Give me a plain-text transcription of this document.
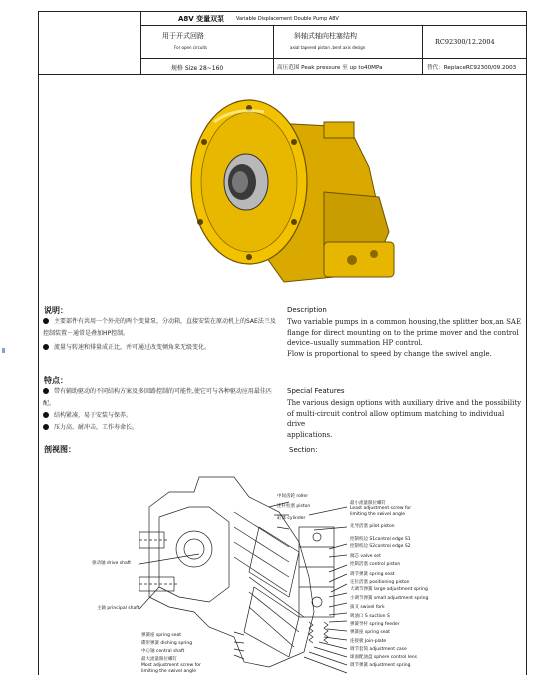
A8V 变量双泵 Variable Displacement Double Pump A8V
用于开式回路
For open circuits
斜轴式轴向柱塞结构
axial tapered piston ,bent axis design
RC92300/12.2004
规格 Size 28~160	高压范围 Peak pressure 至 up to40MPa	替代：ReplaceRC92300/09.2003
说明：
主要部件有共用一个外壳的两个变量泵，分动箱，直接安装在原动机上的SAE法兰及控制装置－通常是叠加HP控制。
流量与转速和排量成正比，并可通过改变倾角来无级变化。
Description
Two variable pumps in a common housing,the splitter box,an SAE
flange for direct mounting on to the prime mover and the control
device–usually summation HP control.
Flow is proportional to speed by change the swivel angle.
特点：
带有辅助驱动的不同结构方案及多回路控制的可能性,使它可与各种驱动应用最佳匹配。
结构紧凑，易于安装与保养。
压力高、耐冲击，工作寿命长。
Special Features
The various design options with auxiliary drive and the possibility
of multi-circuit control allow optimum matching to individual drive
applications.
剖视图：	Section：
最小流量限位螺钉
Least adjustment screw for
limiting the swivel angle
先导活塞 pilot piston
控制校边 S1control edge S1
控制校边 S2control edge S2
阀芯 valve set
控制活塞 control piston
调节弹簧 spring seat
定位活塞 positioning piston
大调节弹簧 large adjustment spring
小调节弹簧 small adjustment spring
拔叉 swivel fork
吸油口 S suction S
弹簧导杆 spring feeder
弹簧座 spring seat
连接板 Join-plate
调节套筒 adjustment case
球面配油盘 sphere control lens
调节弹簧 adjustment spring
中间齿轮 roller
连杆柱塞 piston
缸体 cylinder
驱动轴 drive shaft
主轴 principal shaft
弹簧座 spring seat
碟形弹簧 dishing spring
中心轴 central shaft
最大流量限位螺钉
Most adjustment screw for
limiting the swivel angle
